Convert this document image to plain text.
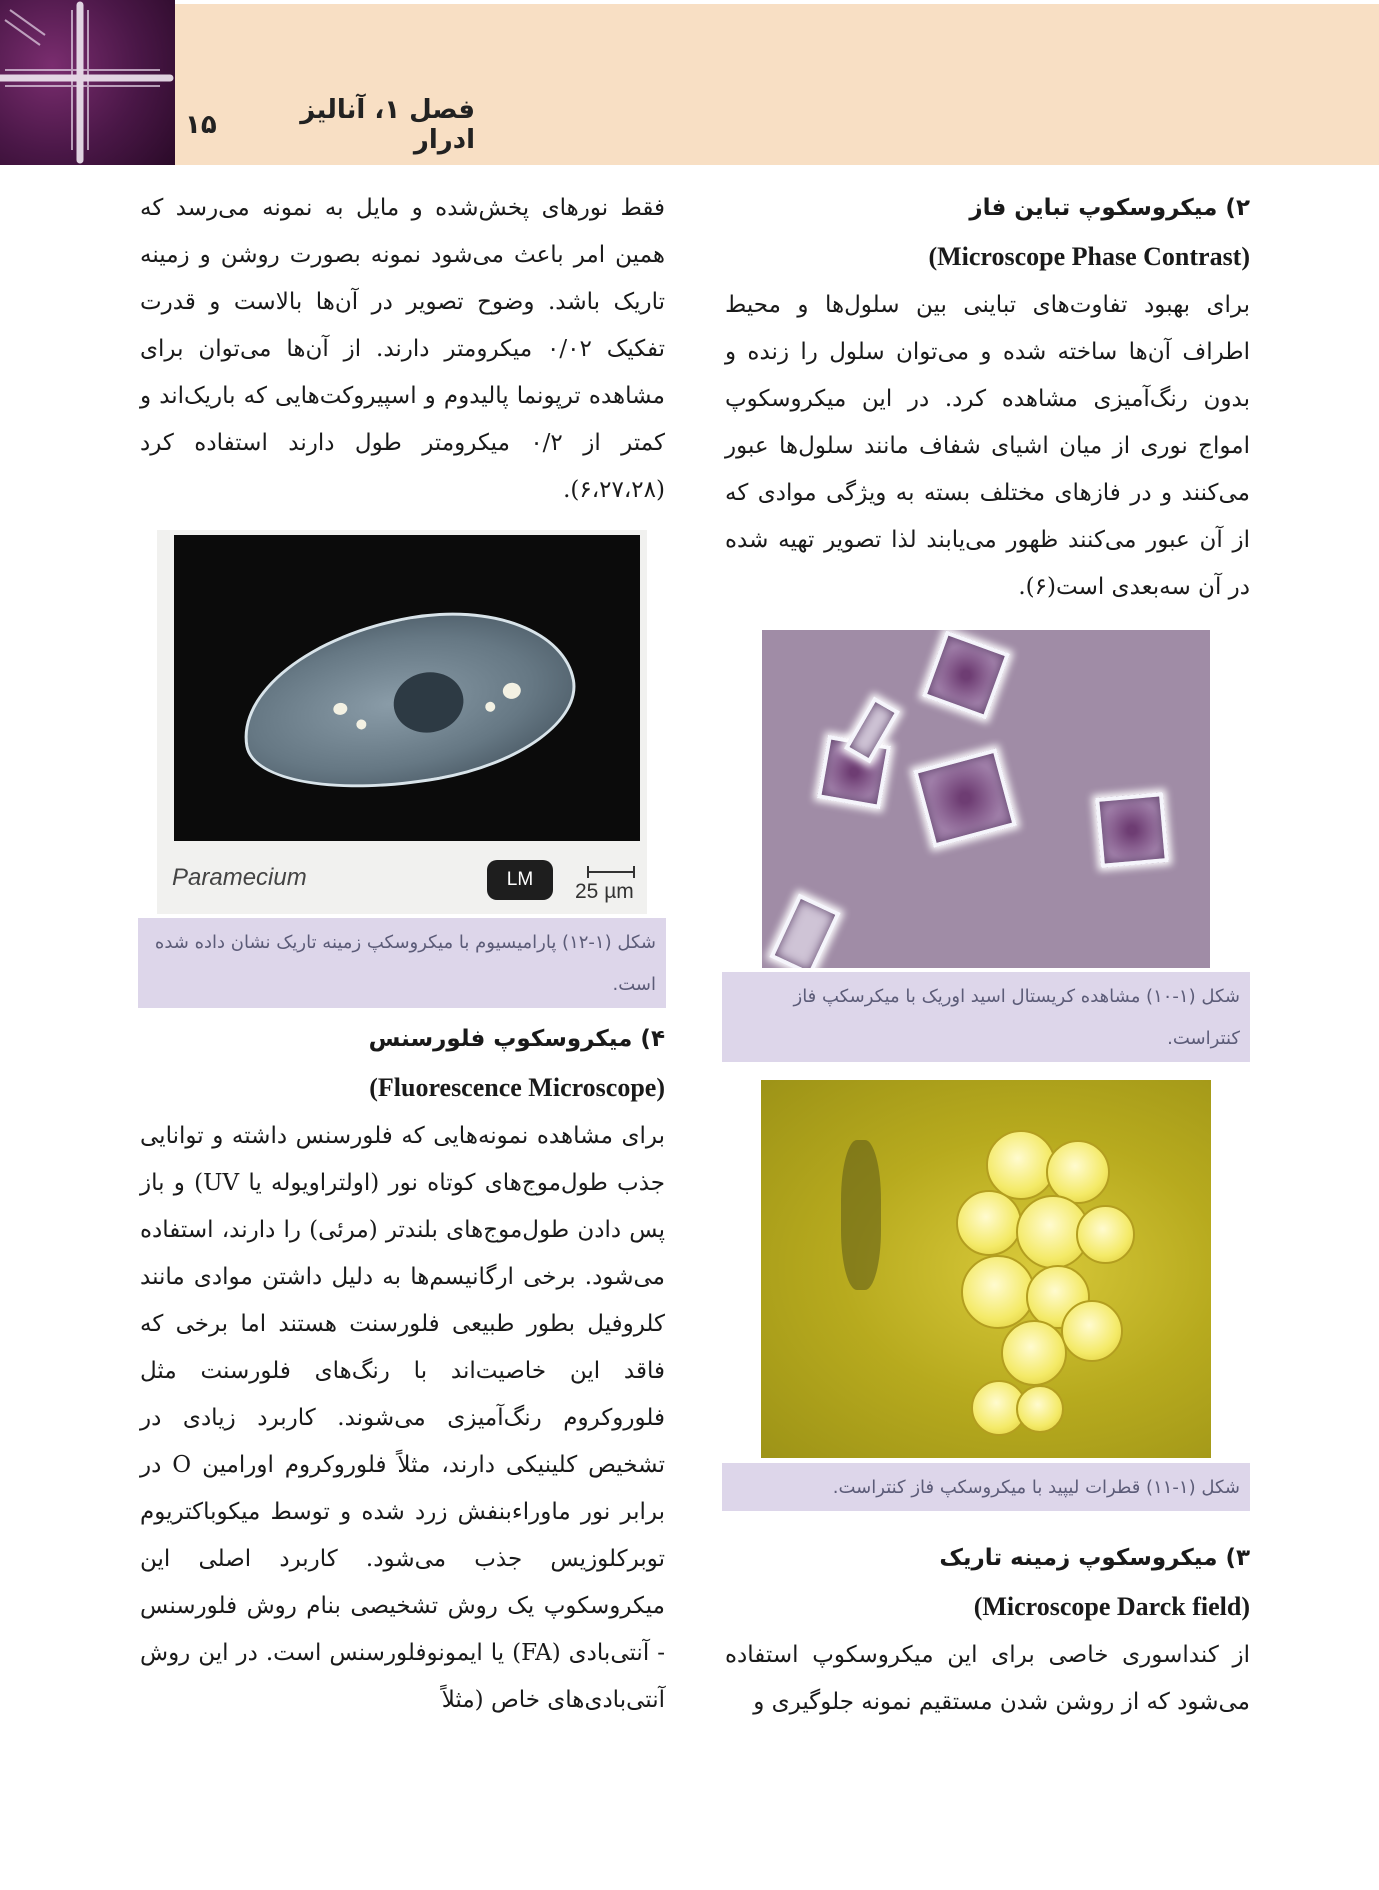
فصل ۱، آنالیز ادرار
۱۵

۲) میکروسکوپ تباین فاز

(Microscope Phase Contrast)

برای بهبود تفاوت‌های تباینی بین سلول‌ها و محیط اطراف آن‌ها ساخته شده و می‌توان سلول را زنده و بدون رنگ‌آمیزی مشاهده کرد. در این میکروسکوپ امواج نوری از میان اشیای شفاف مانند سلول‌ها عبور می‌کنند و در فازهای مختلف بسته به ویژگی موادی که از آن عبور می‌کنند ظهور می‌یابند لذا تصویر تهیه شده در آن سه‌بعدی است(۶).

شکل (۱-۱۰) مشاهده کریستال اسید اوریک با میکرسکپ فاز کنتراست.
شکل (۱-۱۱) قطرات لیپید با میکروسکپ فاز کنتراست.

۳) میکروسکوپ زمینه تاریک

(Microscope Darck field)

از کنداسوری خاصی برای این میکروسکوپ استفاده می‌شود که از روشن شدن مستقیم نمونه جلوگیری و

فقط نورهای پخش‌شده و مایل به نمونه می‌رسد که همین امر باعث می‌شود نمونه بصورت روشن و زمینه تاریک باشد. وضوح تصویر در آن‌ها بالاست و قدرت تفکیک ۰/۰۲ میکرومتر دارند. از آن‌ها می‌توان برای مشاهده ترپونما پالیدوم و اسپیروکت‌هایی که باریک‌اند و کمتر از ۰/۲ میکرومتر طول دارند استفاده کرد (۶،۲۷،۲۸).

Paramecium	LM
25 µm
شکل (۱-۱۲) پارامیسیوم با میکروسکپ زمینه تاریک نشان داده شده است.

۴) میکروسکوپ فلورسنس

(Fluorescence Microscope)

برای مشاهده نمونه‌هایی که فلورسنس داشته و توانایی جذب طول‌موج‌های کوتاه نور (اولتراویوله یا UV) و باز پس دادن طول‌موج‌های بلندتر (مرئی) را دارند، استفاده می‌شود. برخی ارگانیسم‌ها به دلیل داشتن موادی مانند کلروفیل بطور طبیعی فلورسنت هستند اما برخی که فاقد این خاصیت‌اند با رنگ‌های فلورسنت مثل فلوروکروم رنگ‌آمیزی می‌شوند. کاربرد زیادی در تشخیص کلینیکی دارند، مثلاً فلوروکروم اورامین O در برابر نور ماوراءبنفش زرد شده و توسط میکوباکتریوم توبرکلوزیس جذب می‌شود. کاربرد اصلی این میکروسکوپ یک روش تشخیصی بنام روش فلورسنس - آنتی‌بادی (FA) یا ایمونوفلورسنس است. در این روش آنتی‌بادی‌های خاص (مثلاً
